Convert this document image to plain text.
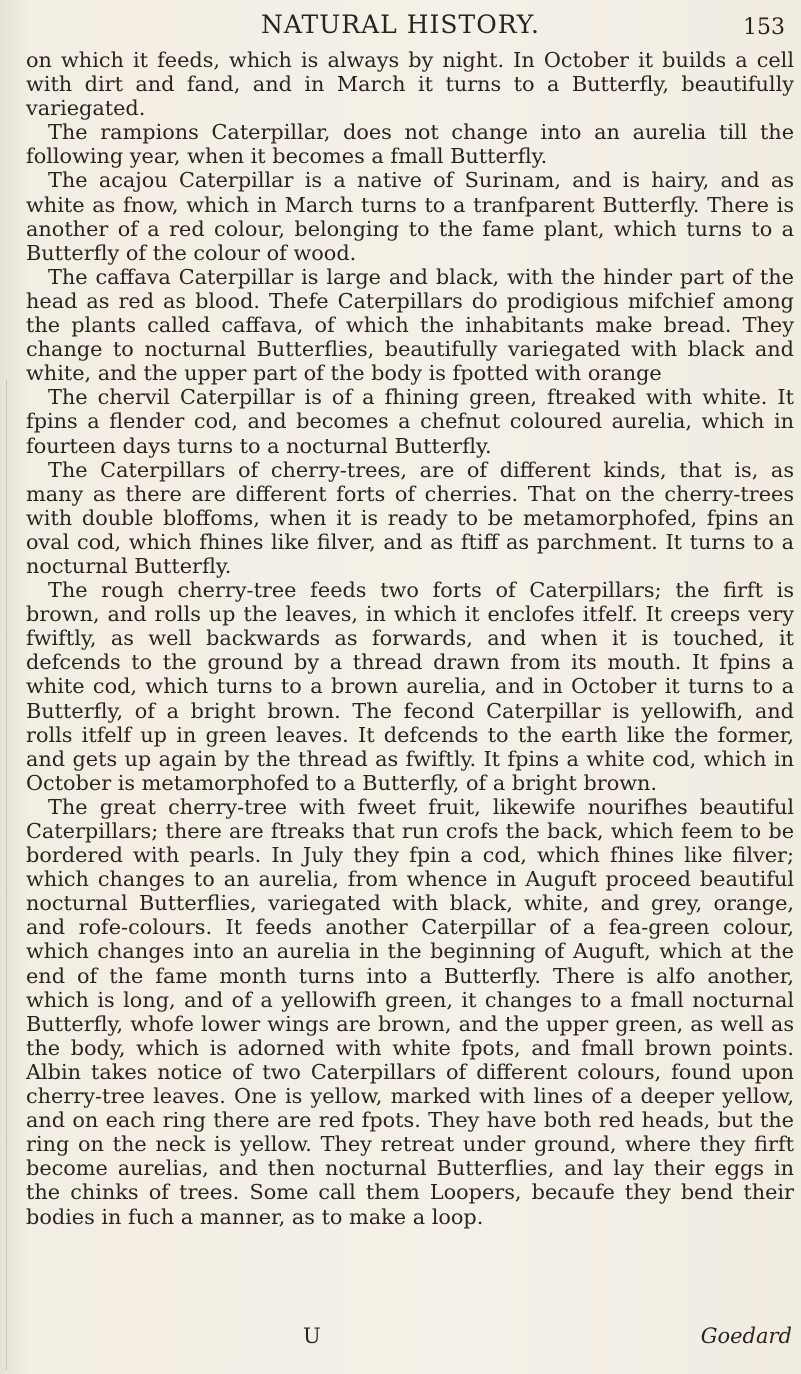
NATURAL HISTORY.	153

on which it feeds, which is always by night. In October it builds a cell with dirt and fand, and in March it turns to a Butterfly, beautifully variegated.

The rampions Caterpillar, does not change into an aurelia till the following year, when it becomes a fmall Butterfly.

The acajou Caterpillar is a native of Surinam, and is hairy, and as white as fnow, which in March turns to a tranfparent Butterfly. There is another of a red colour, belonging to the fame plant, which turns to a Butterfly of the colour of wood.

The caffava Caterpillar is large and black, with the hinder part of the head as red as blood. Thefe Caterpillars do prodigious mifchief among the plants called caffava, of which the inhabitants make bread. They change to nocturnal Butterflies, beautifully variegated with black and white, and the upper part of the body is fpotted with orange

The chervil Caterpillar is of a fhining green, ftreaked with white. It fpins a flender cod, and becomes a chefnut coloured aurelia, which in fourteen days turns to a nocturnal Butterfly.

The Caterpillars of cherry-trees, are of different kinds, that is, as many as there are different forts of cherries. That on the cherry-trees with double bloffoms, when it is ready to be metamorphofed, fpins an oval cod, which fhines like filver, and as ftiff as parchment. It turns to a nocturnal Butterfly.

The rough cherry-tree feeds two forts of Caterpillars; the firft is brown, and rolls up the leaves, in which it enclofes itfelf. It creeps very fwiftly, as well backwards as forwards, and when it is touched, it defcends to the ground by a thread drawn from its mouth. It fpins a white cod, which turns to a brown aurelia, and in October it turns to a Butterfly, of a bright brown. The fecond Caterpillar is yellowifh, and rolls itfelf up in green leaves. It defcends to the earth like the former, and gets up again by the thread as fwiftly. It fpins a white cod, which in October is metamorphofed to a Butterfly, of a bright brown.

The great cherry-tree with fweet fruit, likewife nourifhes beautiful Caterpillars; there are ftreaks that run crofs the back, which feem to be bordered with pearls. In July they fpin a cod, which fhines like filver; which changes to an aurelia, from whence in Auguft proceed beautiful nocturnal Butterflies, variegated with black, white, and grey, orange, and rofe-colours. It feeds another Caterpillar of a fea-green colour, which changes into an aurelia in the beginning of Auguft, which at the end of the fame month turns into a Butterfly. There is alfo another, which is long, and of a yellowifh green, it changes to a fmall nocturnal Butterfly, whofe lower wings are brown, and the upper green, as well as the body, which is adorned with white fpots, and fmall brown points. Albin takes notice of two Caterpillars of different colours, found upon cherry-tree leaves. One is yellow, marked with lines of a deeper yellow, and on each ring there are red fpots. They have both red heads, but the ring on the neck is yellow. They retreat under ground, where they firft become aurelias, and then nocturnal Butterflies, and lay their eggs in the chinks of trees. Some call them Loopers, becaufe they bend their bodies in fuch a manner, as to make a loop.

U	Goedard
